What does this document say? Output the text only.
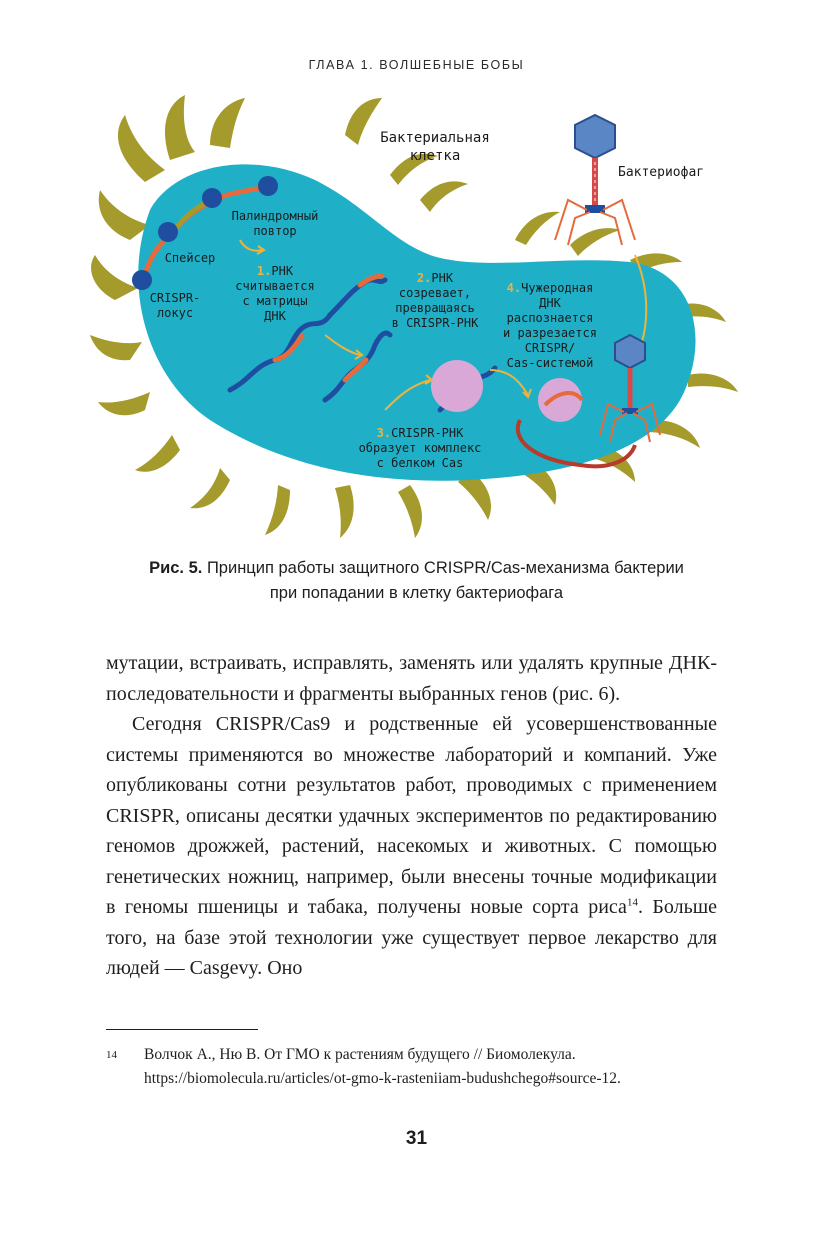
ГЛАВА 1. ВОЛШЕБНЫЕ БОБЫ
Бактериальная
клетка
Бактериофаг
Палиндромный
повтор
Спейсер
CRISPR-
локус
1.РНК
считывается
с матрицы
ДНК
2.РНК
созревает,
превращаясь
в CRISPR-РНК
3.CRISPR-РНК
образует комплекс
с белком Cas
4.Чужеродная
ДНК
распознается
и разрезается
CRISPR/
Cas-системой
Рис. 5. Принцип работы защитного CRISPR/Cas-механизма бактерии
при попадании в клетку бактериофага

мутации, встраивать, исправлять, заменять или удалять крупные ДНК-последовательности и фрагменты выбранных генов (рис. 6).

Сегодня CRISPR/Cas9 и родственные ей усовершенствованные системы применяются во множестве лабораторий и компаний. Уже опубликованы сотни результатов работ, проводимых с применением CRISPR, описаны десятки удачных экспериментов по редактированию геномов дрожжей, растений, насекомых и животных. С помощью генетических ножниц, например, были внесены точные модификации в геномы пшеницы и табака, получены новые сорта риса$^{14}$. Больше того, на базе этой технологии уже существует первое лекарство для людей — Casgevy. Оно

14 Волчок А., Ню В. От ГМО к растениям будущего // Биомолекула. https://biomolecula.ru/articles/ot-gmo-k-rasteniiam-budushchego#source-12.
31
